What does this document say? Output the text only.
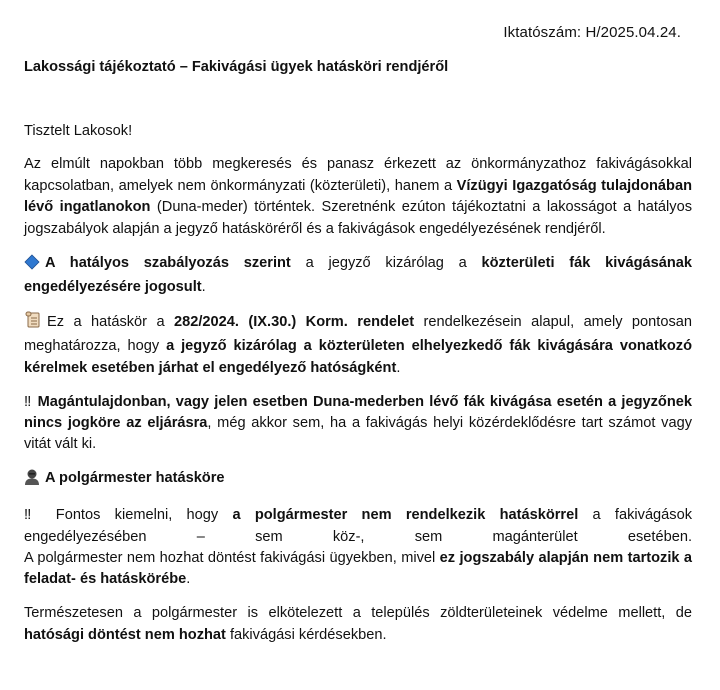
Iktatószám: H/2025.04.24.
Lakossági tájékoztató – Fakivágási ügyek hatásköri rendjéről

Tisztelt Lakosok!

Az elmúlt napokban több megkeresés és panasz érkezett az önkormányzathoz fakivágásokkal kapcsolatban, amelyek nem önkormányzati (közterületi), hanem a Vízügyi Igazgatóság tulajdonában lévő ingatlanokon (Duna-meder) történtek. Szeretnénk ezúton tájékoztatni a lakosságot a hatályos jogszabályok alapján a jegyző hatásköréről és a fakivágások engedélyezésének rendjéről.

A hatályos szabályozás szerint a jegyző kizárólag a közterületi fák kivágásának engedélyezésére jogosult.

Ez a hatáskör a 282/2024. (IX.30.) Korm. rendelet rendelkezésein alapul, amely pontosan meghatározza, hogy a jegyző kizárólag a közterületen elhelyezkedő fák kivágására vonatkozó kérelmek esetében járhat el engedélyező hatóságként.

‼ Magántulajdonban, vagy jelen esetben Duna-mederben lévő fák kivágása esetén a jegyzőnek nincs jogköre az eljárásra, még akkor sem, ha a fakivágás helyi közérdeklődésre tart számot vagy vitát vált ki.

A polgármester hatásköre

‼ Fontos kiemelni, hogy a polgármester nem rendelkezik hatáskörrel a fakivágások engedélyezésében – sem köz-, sem magánterület esetében.

A polgármester nem hozhat döntést fakivágási ügyekben, mivel ez jogszabály alapján nem tartozik a feladat- és hatáskörébe.

Természetesen a polgármester is elkötelezett a település zöldterületeinek védelme mellett, de hatósági döntést nem hozhat fakivágási kérdésekben.
